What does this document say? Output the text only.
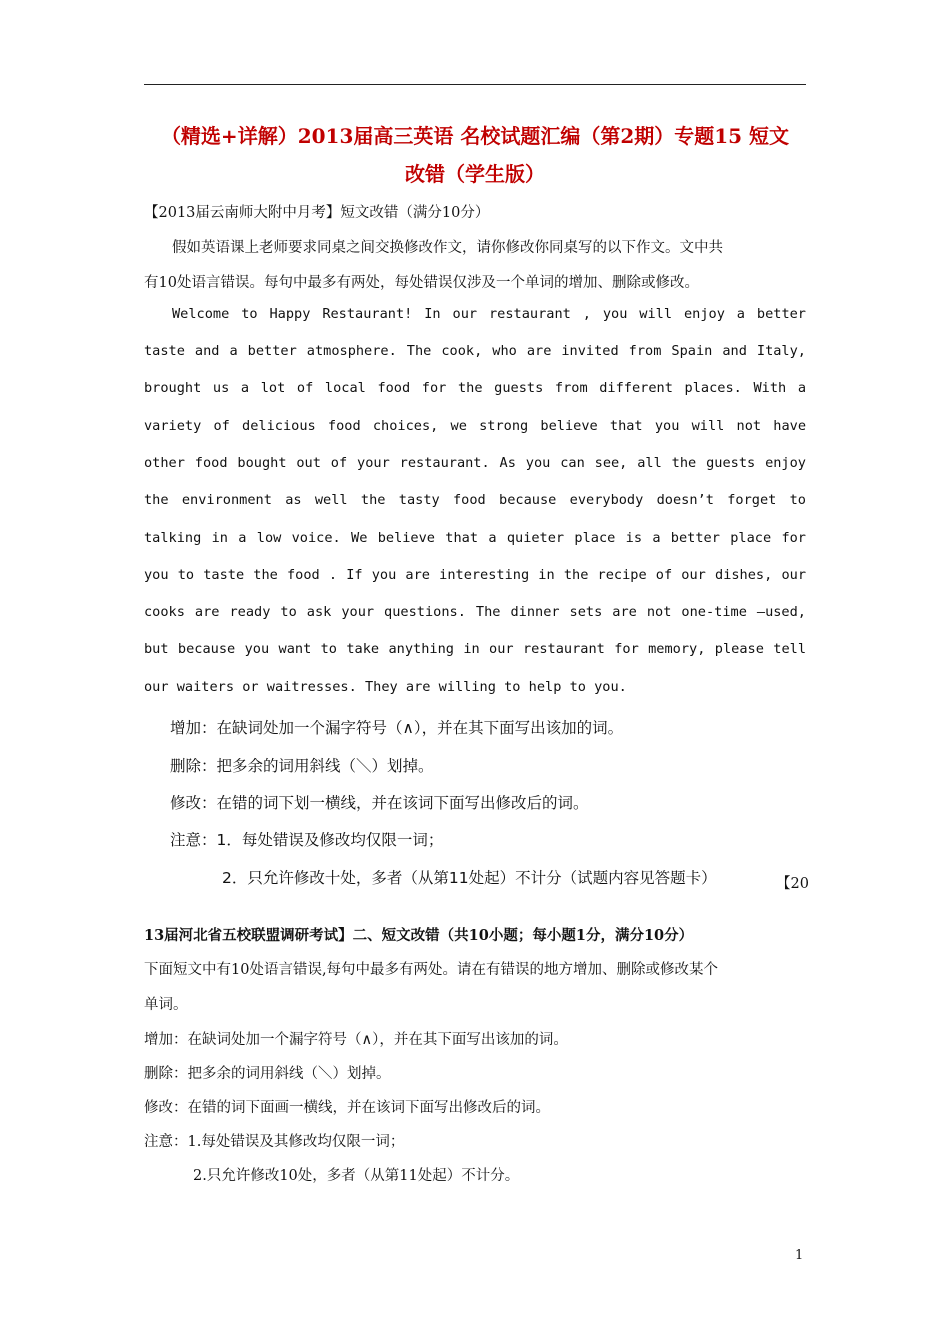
（精选+详解）2013届高三英语 名校试题汇编（第2期）专题15 短文
改错（学生版）
【2013届云南师大附中月考】短文改错（满分10分）
假如英语课上老师要求同桌之间交换修改作文，请你修改你同桌写的以下作文。文中共
有10处语言错误。每句中最多有两处，每处错误仅涉及一个单词的增加、删除或修改。
Welcome to Happy Restaurant! In our restaurant , you will enjoy a better
taste and a better atmosphere. The cook, who are invited from Spain and Italy,
brought us a lot of local food for the guests from different places. With a
variety of delicious food choices, we strong believe that you will not have
other food bought out of your restaurant. As you can see, all the guests enjoy
the environment as well the tasty food because everybody doesn’t forget to
talking in a low voice. We believe that a quieter place is a better place for
you to taste the food . If you are interesting in the recipe of our dishes, our
cooks are ready to ask your questions. The dinner sets are not one-time –used,
but because you want to take anything in our restaurant for memory, please tell
our waiters or waitresses. They are willing to help to you.
增加：在缺词处加一个漏字符号（∧），并在其下面写出该加的词。
删除：把多余的词用斜线（＼）划掉。
修改：在错的词下划一横线，并在该词下面写出修改后的词。
注意：1．每处错误及修改均仅限一词；
2．只允许修改十处，多者（从第11处起）不计分（试题内容见答题卡）	【20
13届河北省五校联盟调研考试】二、短文改错（共10小题；每小题1分，满分10分）
下面短文中有10处语言错误,每句中最多有两处。请在有错误的地方增加、删除或修改某个
单词。
增加：在缺词处加一个漏字符号（∧），并在其下面写出该加的词。
删除：把多余的词用斜线（＼）划掉。
修改：在错的词下面画一横线，并在该词下面写出修改后的词。
注意：1.每处错误及其修改均仅限一词；
2.只允许修改10处，多者（从第11处起）不计分。
1
